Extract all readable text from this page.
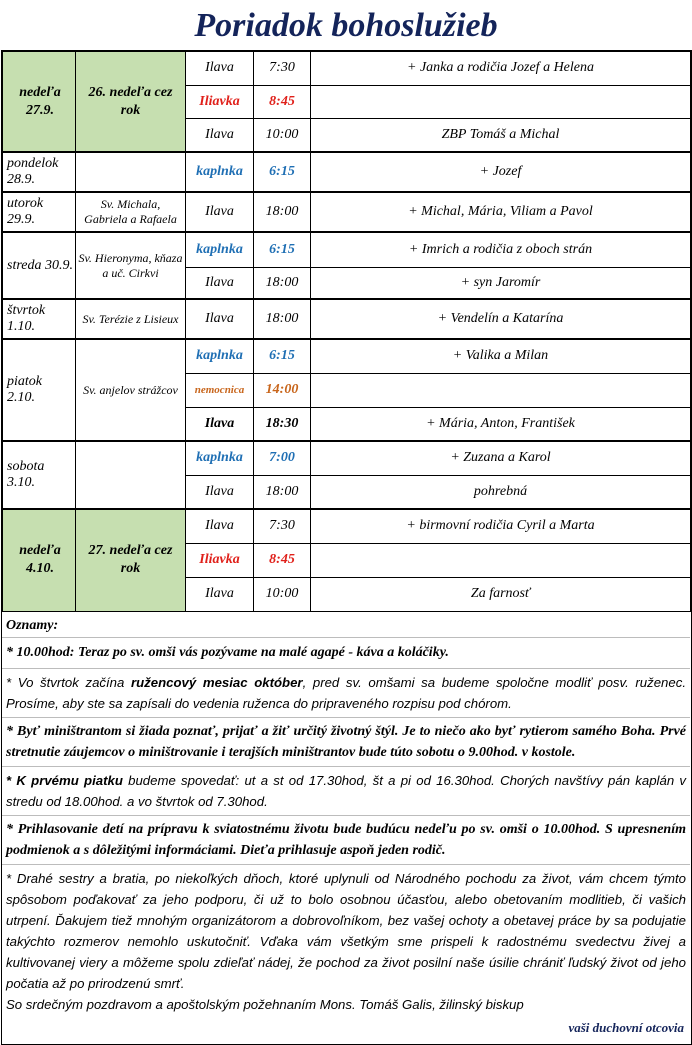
Poriadok bohoslužieb
nedeľa 27.9.	26. nedeľa cez rok	Ilava	7:30	+ Janka a rodičia Jozef a Helena
		Iliavka	8:45	
		Ilava	10:00	ZBP Tomáš a Michal
pondelok 28.9.		kaplnka	6:15	+ Jozef
utorok 29.9.	Sv. Michala, Gabriela a Rafaela	Ilava	18:00	+ Michal, Mária, Viliam a Pavol
streda 30.9.	Sv. Hieronyma, kňaza a uč. Cirkvi	kaplnka	6:15	+ Imrich a rodičia z oboch strán
		Ilava	18:00	+ syn Jaromír
štvrtok 1.10.	Sv. Terézie z Lisieux	Ilava	18:00	+ Vendelín a Katarína
piatok 2.10.	Sv. anjelov strážcov	kaplnka	6:15	+ Valika a Milan
		nemocnica	14:00	
		Ilava	18:30	+ Mária, Anton, František
sobota 3.10.		kaplnka	7:00	+ Zuzana a Karol
		Ilava	18:00	pohrebná
nedeľa 4.10.	27. nedeľa cez rok	Ilava	7:30	+ birmovní rodičia Cyril a Marta
		Iliavka	8:45	
		Ilava	10:00	Za farnosť
Oznamy:
* 10.00hod: Teraz po sv. omši vás pozývame na malé agapé - káva a koláčiky.
* Vo štvrtok začína ružencový mesiac október, pred sv. omšami sa budeme spoločne modliť posv. ruženec. Prosíme, aby ste sa zapísali do vedenia ruženca do pripraveného rozpisu pod chórom.
* Byť miništrantom si žiada poznať, prijať a žiť určitý životný štýl. Je to niečo ako byť rytierom samého Boha. Prvé stretnutie záujemcov o miništrovanie i terajších miništrantov bude túto sobotu o 9.00hod. v kostole.
* K prvému piatku budeme spovedať: ut a st od 17.30hod, št a pi od 16.30hod. Chorých navštívy pán kaplán v stredu od 18.00hod. a vo štvrtok od 7.30hod.
* Prihlasovanie detí na prípravu k sviatostnému životu bude budúcu nedeľu po sv. omši o 10.00hod. S upresnením podmienok a s dôležitými informáciami. Dieťa prihlasuje aspoň jeden rodič.
* Drahé sestry a bratia, po niekoľkých dňoch, ktoré uplynuli od Národného pochodu za život, vám chcem týmto spôsobom poďakovať za jeho podporu, či už to bolo osobnou účasťou, alebo obetovaním modlitieb, či vašich utrpení. Ďakujem tiež mnohým organizátorom a dobrovoľníkom, bez vašej ochoty a obetavej práce by sa podujatie takýchto rozmerov nemohlo uskutočniť. Vďaka vám všetkým sme prispeli k radostnému svedectvu živej a kultivovanej viery a môžeme spolu zdieľať nádej, že pochod za život posilní naše úsilie chrániť ľudský život od jeho počatia až po prirodzenú smrť.
So srdečným pozdravom a apoštolským požehnaním Mons. Tomáš Galis, žilinský biskup
vaši duchovní otcovia
